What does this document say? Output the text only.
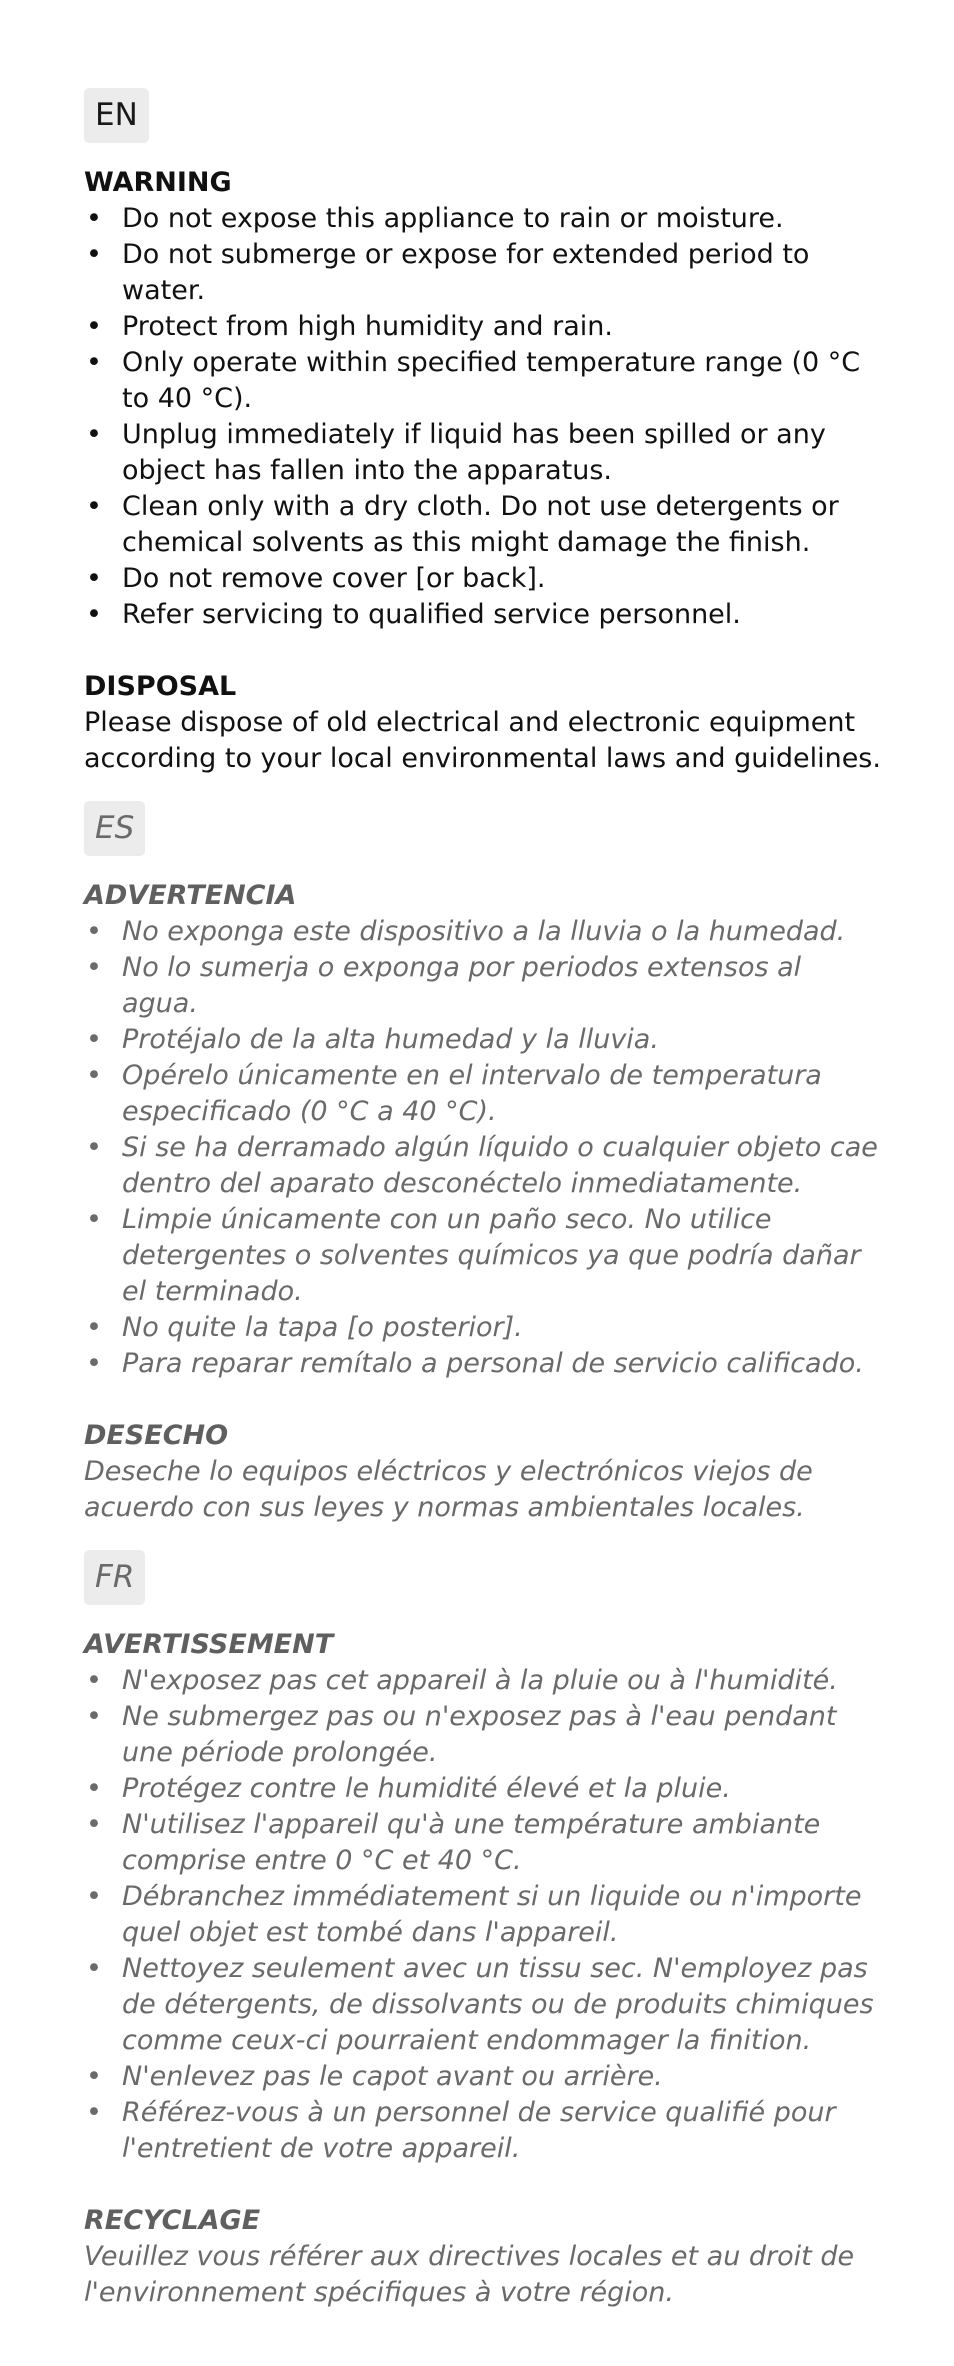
EN
WARNING
• Do not expose this appliance to rain or moisture.
• Do not submerge or expose for extended period to water.
• Protect from high humidity and rain.
• Only operate within specified temperature range (0 °C to 40 °C).
• Unplug immediately if liquid has been spilled or any object has fallen into the apparatus.
• Clean only with a dry cloth. Do not use detergents or chemical solvents as this might damage the finish.
• Do not remove cover [or back].
• Refer servicing to qualified service personnel.
DISPOSAL

Please dispose of old electrical and electronic equipment according to your local environmental laws and guidelines.

ES
ADVERTENCIA
• No exponga este dispositivo a la lluvia o la humedad.
• No lo sumerja o exponga por periodos extensos al agua.
• Protéjalo de la alta humedad y la lluvia.
• Opérelo únicamente en el intervalo de temperatura especificado (0 °C a 40 °C).
• Si se ha derramado algún líquido o cualquier objeto cae dentro del aparato desconéctelo inmediatamente.
• Limpie únicamente con un paño seco. No utilice detergentes o solventes químicos ya que podría dañar el terminado.
• No quite la tapa [o posterior].
• Para reparar remítalo a personal de servicio calificado.
DESECHO

Deseche lo equipos eléctricos y electrónicos viejos de acuerdo con sus leyes y normas ambientales locales.

FR
AVERTISSEMENT
• N'exposez pas cet appareil à la pluie ou à l'humidité.
• Ne submergez pas ou n'exposez pas à l'eau pendant une période prolongée.
• Protégez contre le humidité élevé et la pluie.
• N'utilisez l'appareil qu'à une température ambiante comprise entre 0 °C et 40 °C.
• Débranchez immédiatement si un liquide ou n'importe quel objet est tombé dans l'appareil.
• Nettoyez seulement avec un tissu sec. N'employez pas de détergents, de dissolvants ou de produits chimiques comme ceux-ci pourraient endommager la finition.
• N'enlevez pas le capot avant ou arrière.
• Référez-vous à un personnel de service qualifié pour l'entretient de votre appareil.
RECYCLAGE

Veuillez vous référer aux directives locales et au droit de l'environnement spécifiques à votre région.
